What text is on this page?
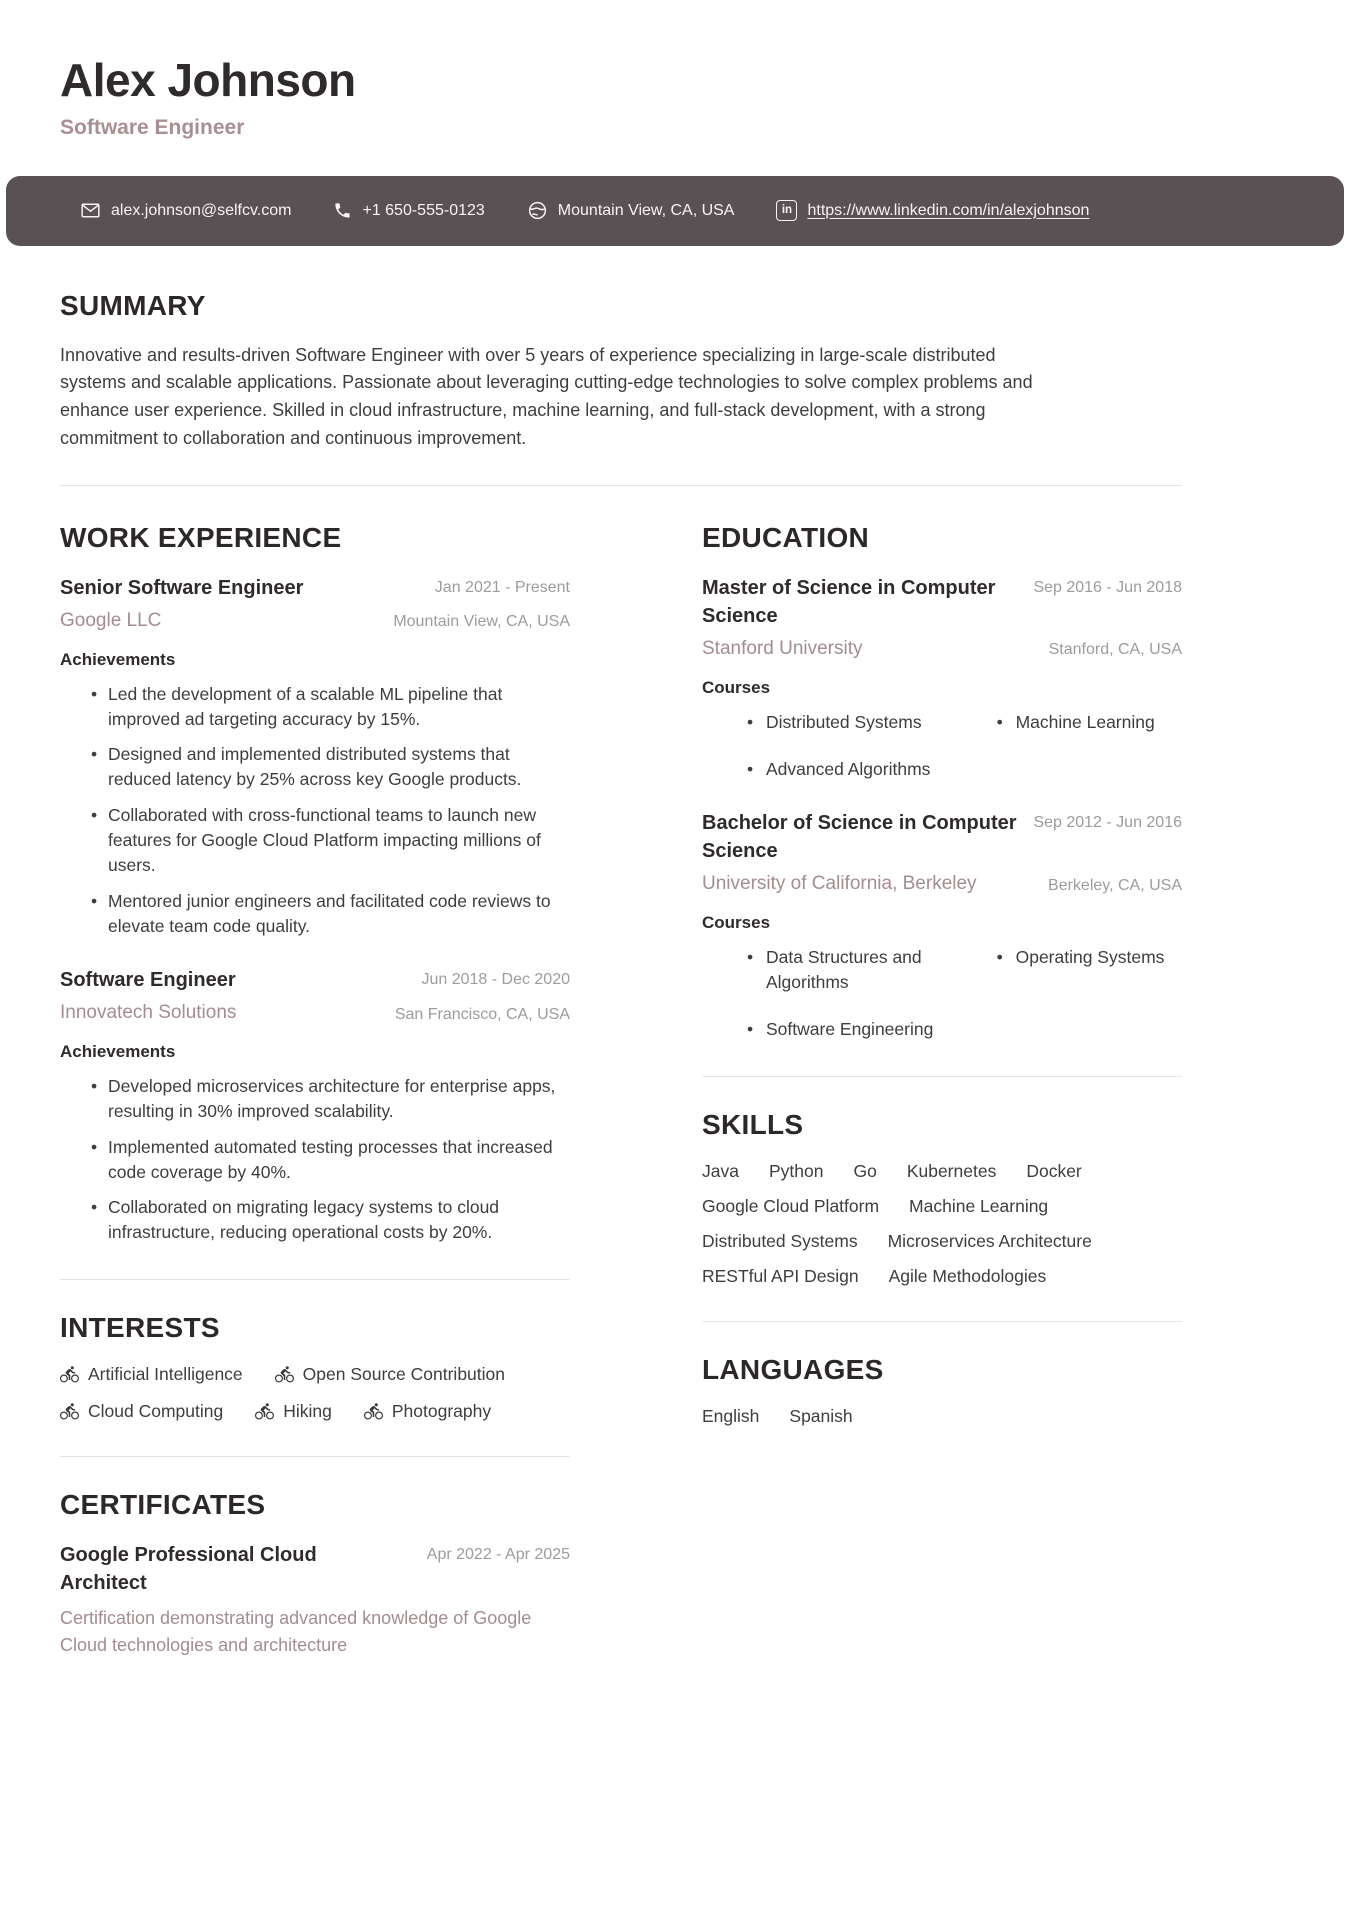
Alex Johnson
Software Engineer
alex.johnson@selfcv.com	+1 650-555-0123	Mountain View, CA, USA	in https://www.linkedin.com/in/alexjohnson
SUMMARY

Innovative and results-driven Software Engineer with over 5 years of experience specializing in large-scale distributed systems and scalable applications. Passionate about leveraging cutting-edge technologies to solve complex problems and enhance user experience. Skilled in cloud infrastructure, machine learning, and full-stack development, with a strong commitment to collaboration and continuous improvement.

WORK EXPERIENCE
Senior Software Engineer
Google LLC
Jan 2021 - Present
Mountain View, CA, USA
Achievements
• Led the development of a scalable ML pipeline that improved ad targeting accuracy by 15%.
• Designed and implemented distributed systems that reduced latency by 25% across key Google products.
• Collaborated with cross-functional teams to launch new features for Google Cloud Platform impacting millions of users.
• Mentored junior engineers and facilitated code reviews to elevate team code quality.
Software Engineer
Innovatech Solutions
Jun 2018 - Dec 2020
San Francisco, CA, USA
Achievements
• Developed microservices architecture for enterprise apps, resulting in 30% improved scalability.
• Implemented automated testing processes that increased code coverage by 40%.
• Collaborated on migrating legacy systems to cloud infrastructure, reducing operational costs by 20%.
INTERESTS
Artificial Intelligence	Open Source Contribution
Cloud Computing	Hiking	Photography
CERTIFICATES
Google Professional Cloud Architect
Apr 2022 - Apr 2025

Certification demonstrating advanced knowledge of Google Cloud technologies and architecture

EDUCATION
Master of Science in Computer Science
Stanford University
Sep 2016 - Jun 2018
Stanford, CA, USA
Courses
• Distributed Systems	• Machine Learning
• Advanced Algorithms
Bachelor of Science in Computer Science
University of California, Berkeley
Sep 2012 - Jun 2016
Berkeley, CA, USA
Courses
• Data Structures and Algorithms
• Operating Systems
• Software Engineering
SKILLS
Java Python Go Kubernetes Docker
Google Cloud Platform Machine Learning
Distributed Systems Microservices Architecture
RESTful API Design Agile Methodologies
LANGUAGES
English Spanish
